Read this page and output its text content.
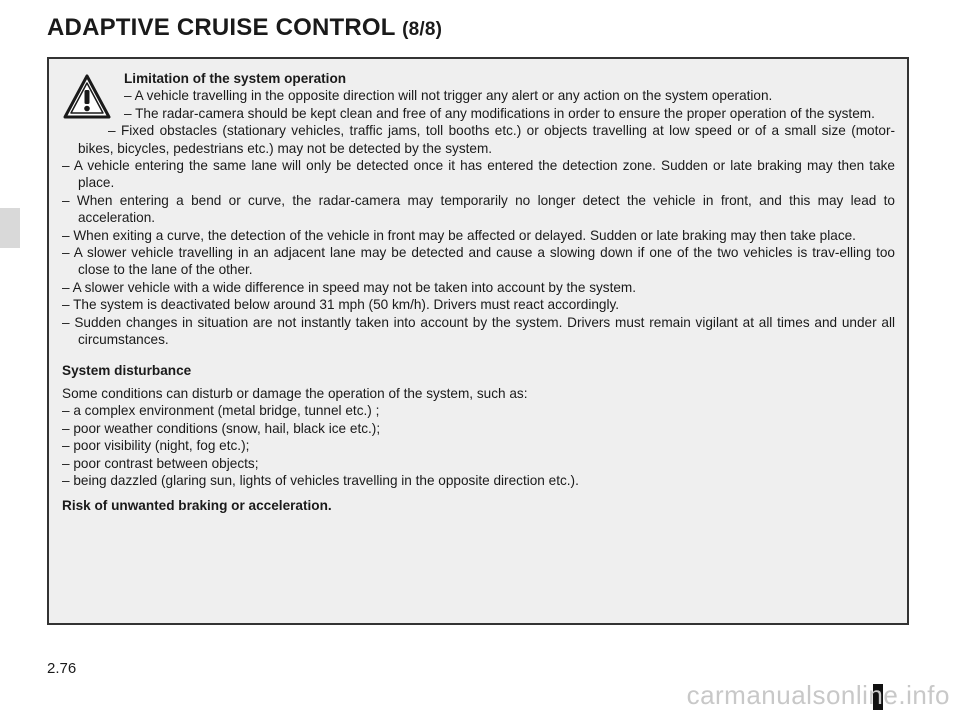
ADAPTIVE CRUISE CONTROL (8/8)

Limitation of the system operation

– A vehicle travelling in the opposite direction will not trigger any alert or any action on the system operation.

– The radar-camera should be kept clean and free of any modifications in order to ensure the proper operation of the system.

– Fixed obstacles (stationary vehicles, traffic jams, toll booths etc.) or objects travelling at low speed or of a small size (motor-bikes, bicycles, pedestrians etc.) may not be detected by the system.

– A vehicle entering the same lane will only be detected once it has entered the detection zone. Sudden or late braking may then take place.

– When entering a bend or curve, the radar-camera may temporarily no longer detect the vehicle in front, and this may lead to acceleration.

– When exiting a curve, the detection of the vehicle in front may be affected or delayed. Sudden or late braking may then take place.

– A slower vehicle travelling in an adjacent lane may be detected and cause a slowing down if one of the two vehicles is trav-elling too close to the lane of the other.

– A slower vehicle with a wide difference in speed may not be taken into account by the system.

– The system is deactivated below around 31 mph (50 km/h). Drivers must react accordingly.

– Sudden changes in situation are not instantly taken into account by the system. Drivers must remain vigilant at all times and under all circumstances.

System disturbance

Some conditions can disturb or damage the operation of the system, such as:

– a complex environment (metal bridge, tunnel etc.) ;

– poor weather conditions (snow, hail, black ice etc.);

– poor visibility (night, fog etc.);

– poor contrast between objects;

– being dazzled (glaring sun, lights of vehicles travelling in the opposite direction etc.).

Risk of unwanted braking or acceleration.

2.76
carmanualsonline.info
